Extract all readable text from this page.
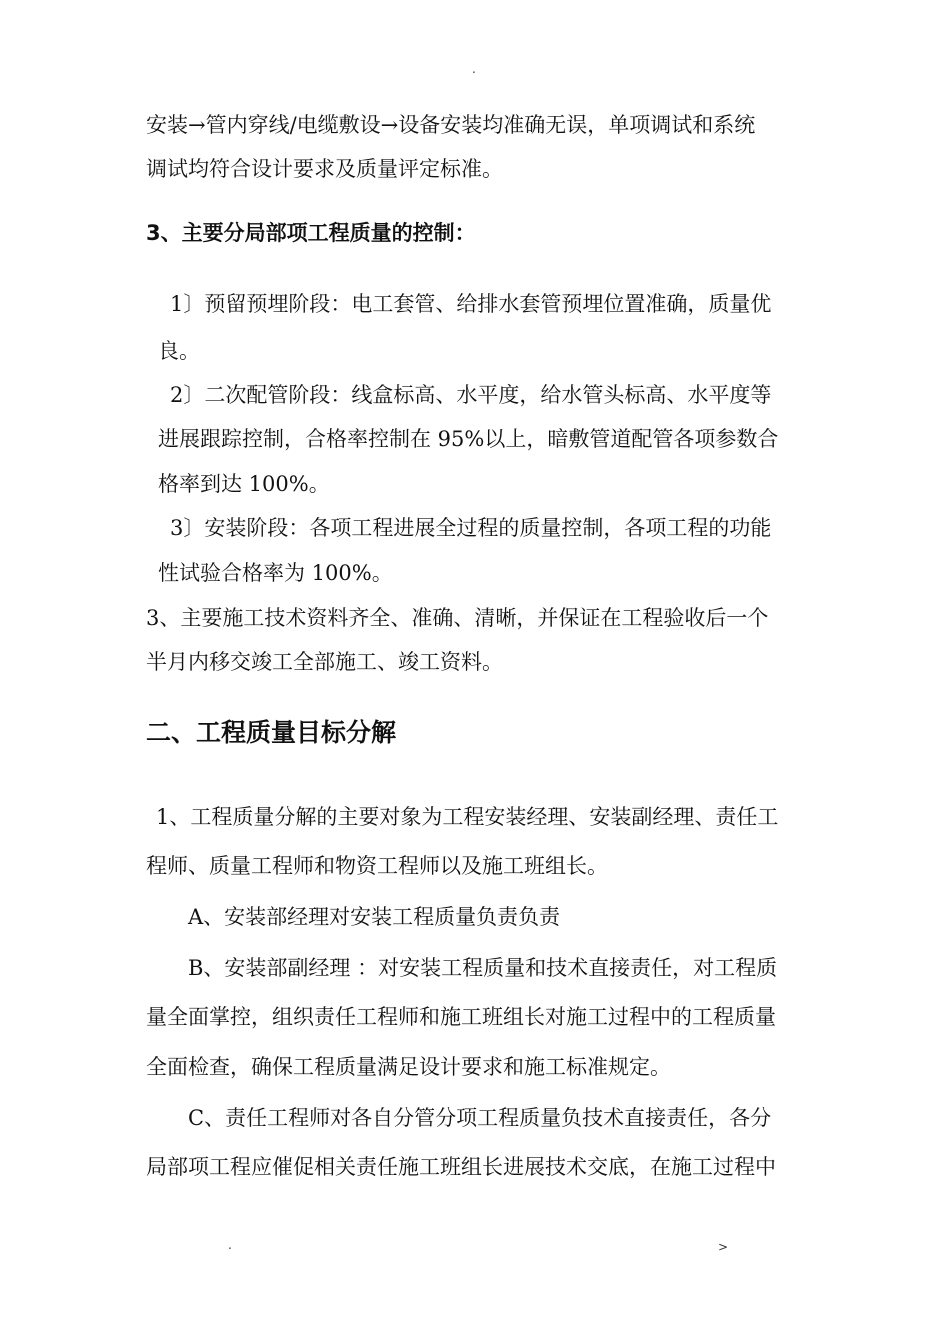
.
安装→管内穿线/电缆敷设→设备安装均准确无误，单项调试和系统
调试均符合设计要求及质量评定标准。
3、主要分局部项工程质量的控制：
1〕预留预埋阶段：电工套管、给排水套管预埋位置准确，质量优
良。
2〕二次配管阶段：线盒标高、水平度，给水管头标高、水平度等
进展跟踪控制，合格率控制在 95%以上，暗敷管道配管各项参数合
格率到达 100%。
3〕安装阶段：各项工程进展全过程的质量控制，各项工程的功能
性试验合格率为 100%。
3、主要施工技术资料齐全、准确、清晰，并保证在工程验收后一个
半月内移交竣工全部施工、竣工资料。
二、工程质量目标分解
1、工程质量分解的主要对象为工程安装经理、安装副经理、责任工
程师、质量工程师和物资工程师以及施工班组长。
A、安装部经理对安装工程质量负责负责
B、安装部副经理 ：对安装工程质量和技术直接责任，对工程质
量全面掌控，组织责任工程师和施工班组长对施工过程中的工程质量
全面检查，确保工程质量满足设计要求和施工标准规定。
C、责任工程师对各自分管分项工程质量负技术直接责任，各分
局部项工程应催促相关责任施工班组长进展技术交底，在施工过程中
.	>
